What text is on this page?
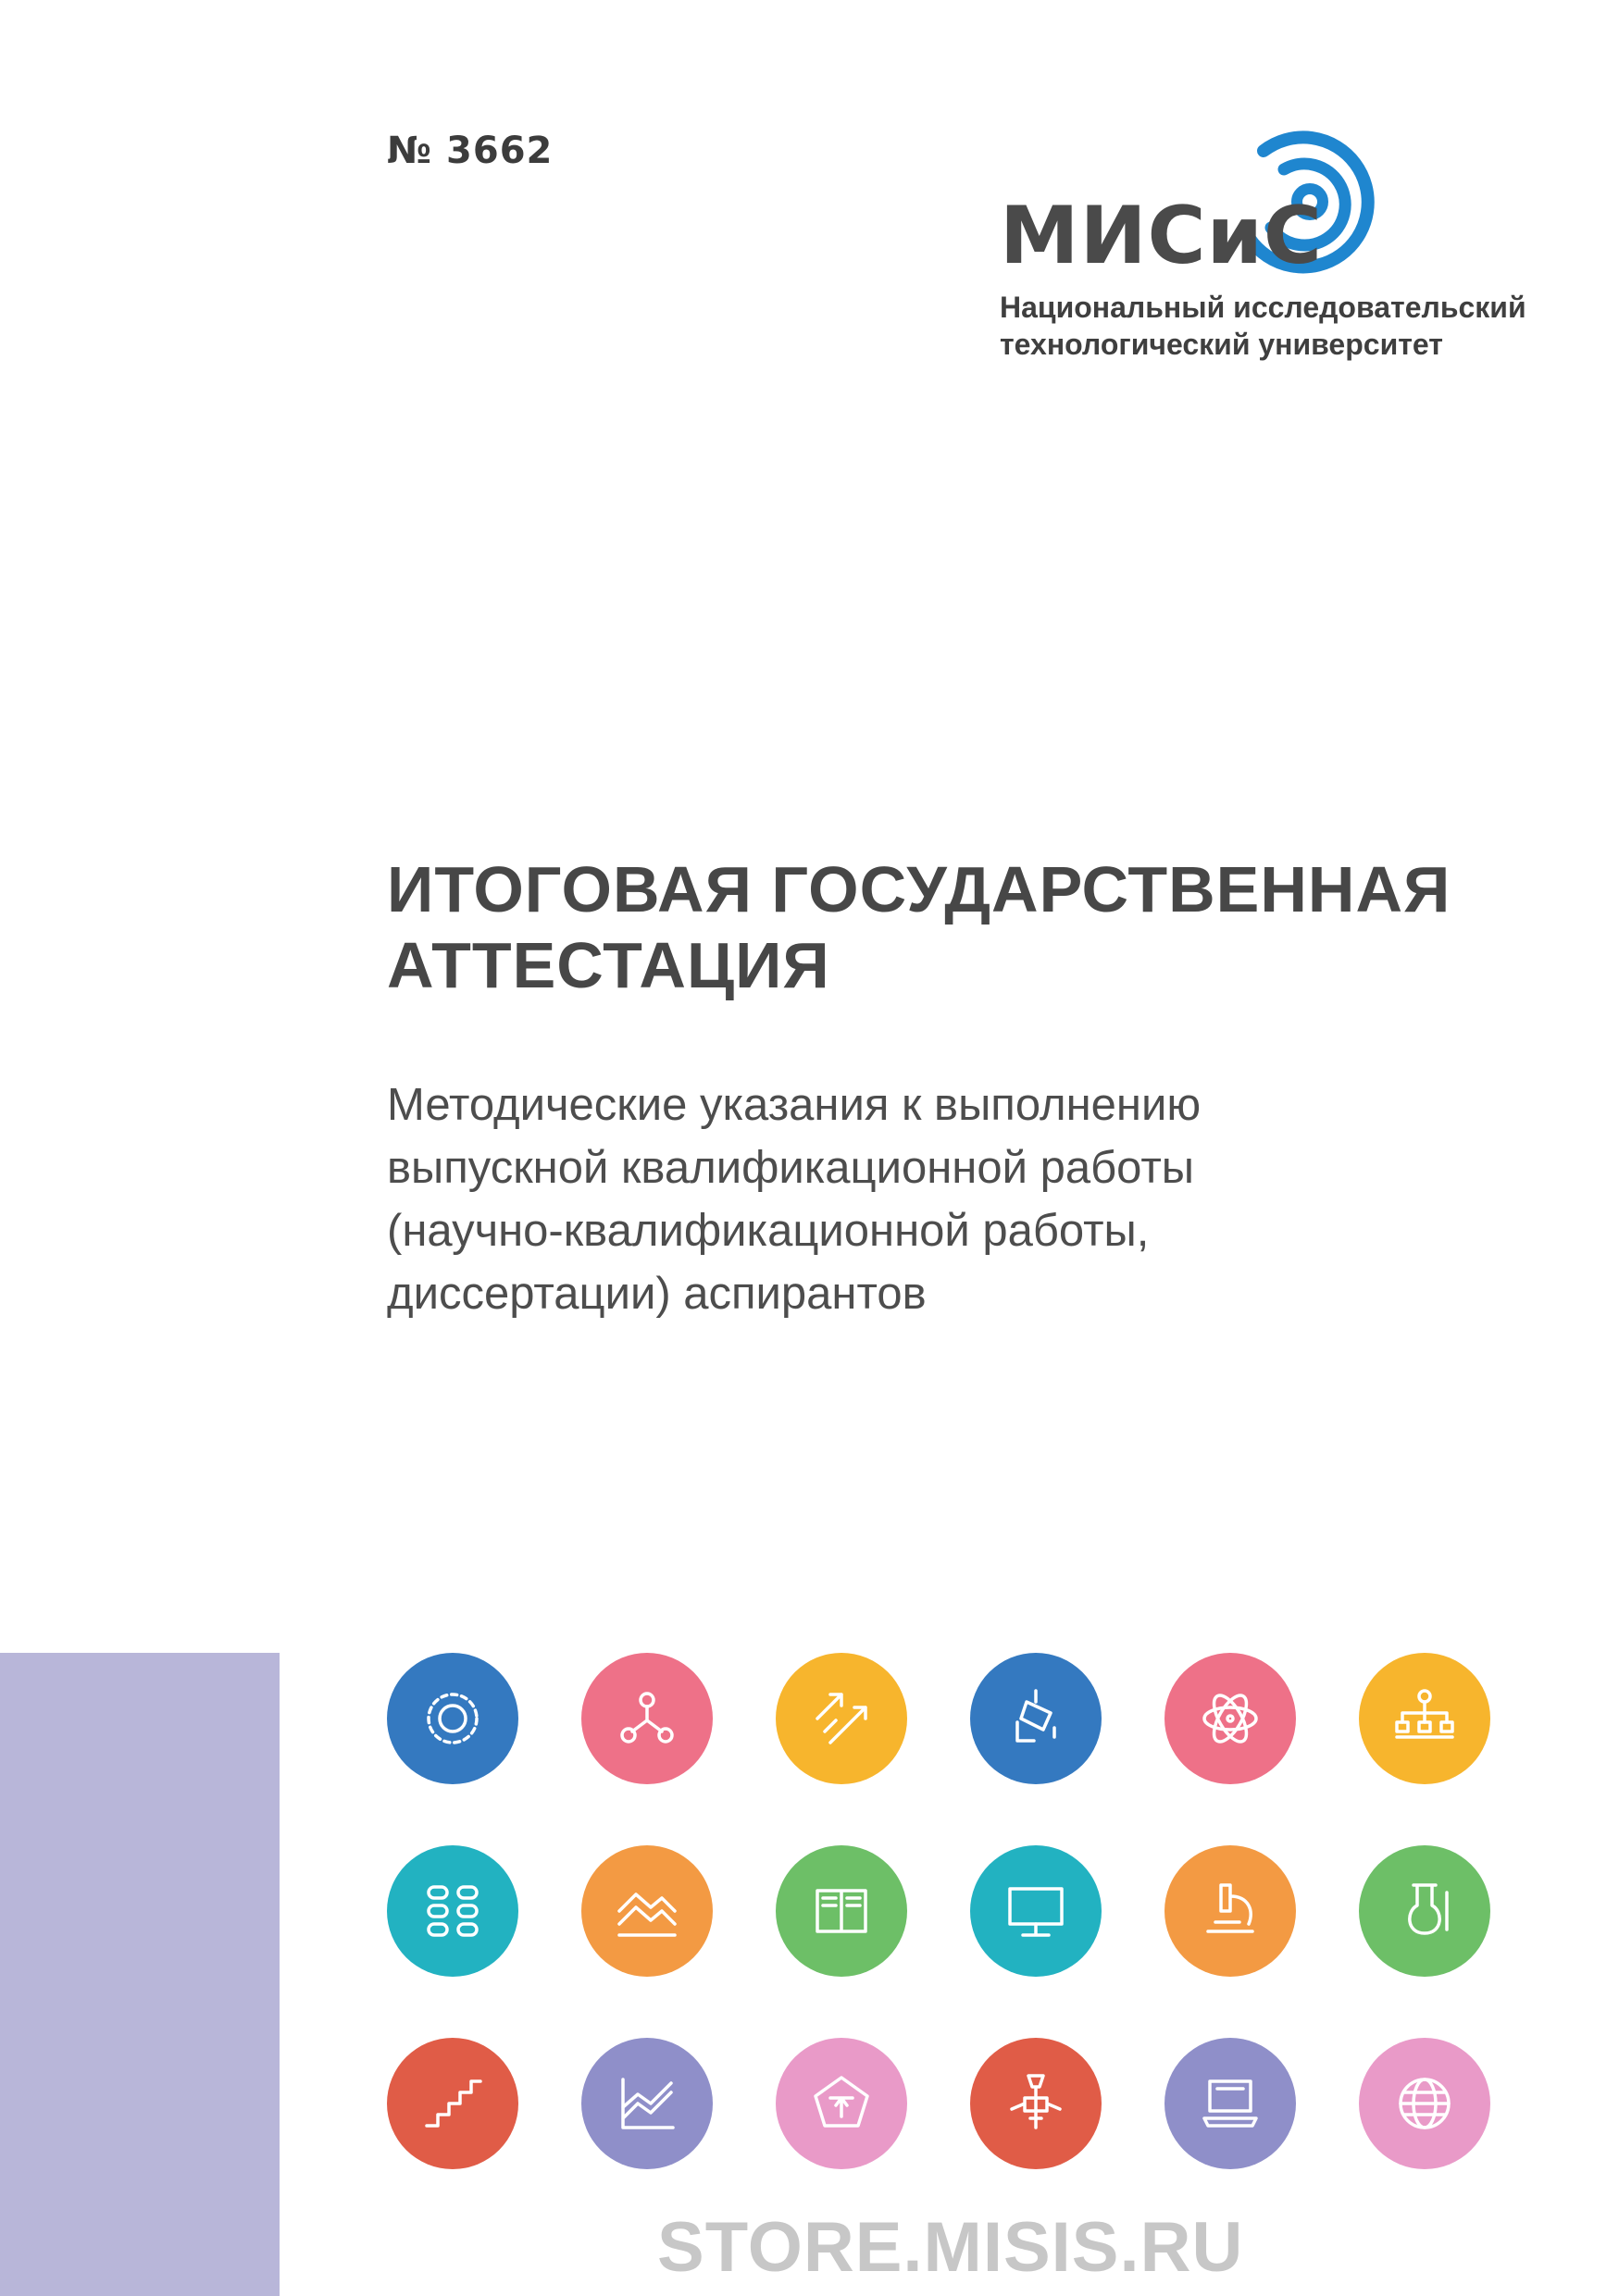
№ 3662
МИСиС
Национальный исследовательский
технологический университет
ИТОГОВАЯ ГОСУДАРСТВЕННАЯ
АТТЕСТАЦИЯ
Методические указания к выполнению
выпускной квалификационной работы
(научно-квалификационной работы,
диссертации) аспирантов
STORE.MISIS.RU
